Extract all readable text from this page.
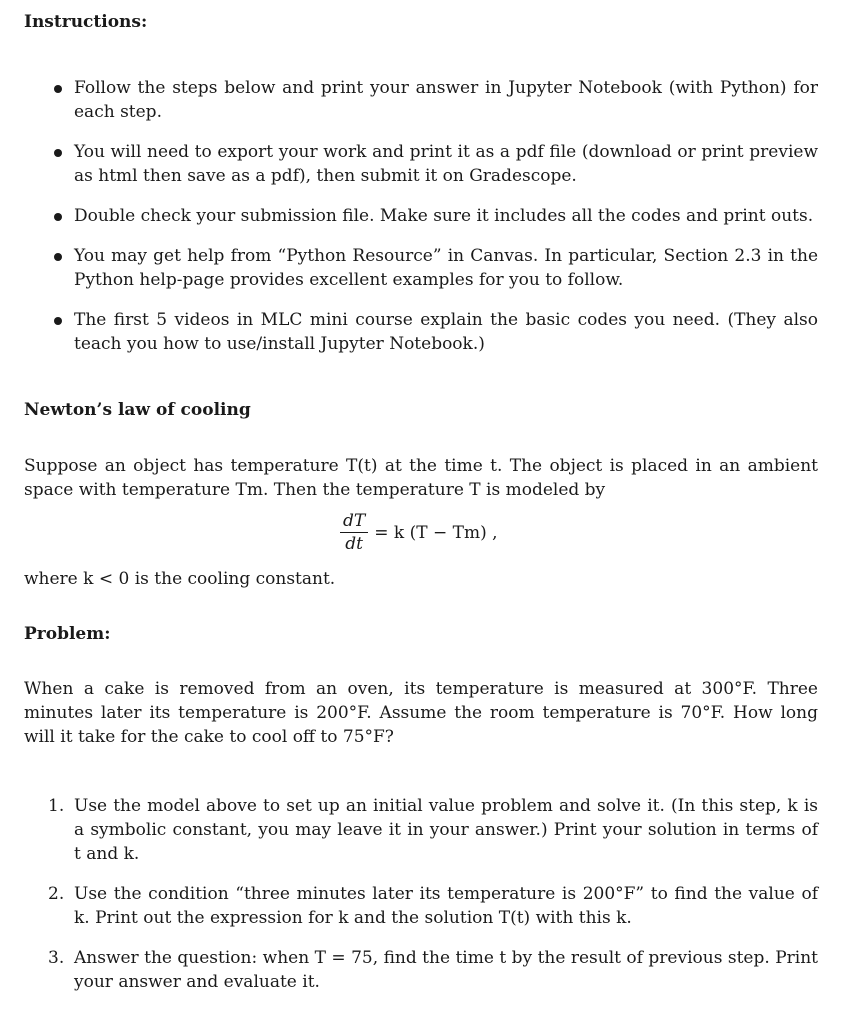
Instructions:
Follow the steps below and print your answer in Jupyter Notebook (with Python) for each step.
You will need to export your work and print it as a pdf file (download or print preview as html then save as a pdf), then submit it on Gradescope.
Double check your submission file. Make sure it includes all the codes and print outs.
You may get help from “Python Resource” in Canvas. In particular, Section 2.3 in the Python help-page provides excellent examples for you to follow.
The first 5 videos in MLC mini course explain the basic codes you need. (They also teach you how to use/install Jupyter Notebook.)
Newton’s law of cooling

Suppose an object has temperature T(t) at the time t. The object is placed in an ambient space with temperature Tm. Then the temperature T is modeled by

$\frac{dT}{dt} = k$ (T − Tm) ,

where k < 0 is the cooling constant.

Problem:

When a cake is removed from an oven, its temperature is measured at 300°F. Three minutes later its temperature is 200°F. Assume the room temperature is 70°F. How long will it take for the cake to cool off to 75°F?

1. Use the model above to set up an initial value problem and solve it. (In this step, k is a symbolic constant, you may leave it in your answer.) Print your solution in terms of t and k.
2. Use the condition “three minutes later its temperature is 200°F” to find the value of k. Print out the expression for k and the solution T(t) with this k.
3. Answer the question: when T = 75, find the time t by the result of previous step. Print your answer and evaluate it.
